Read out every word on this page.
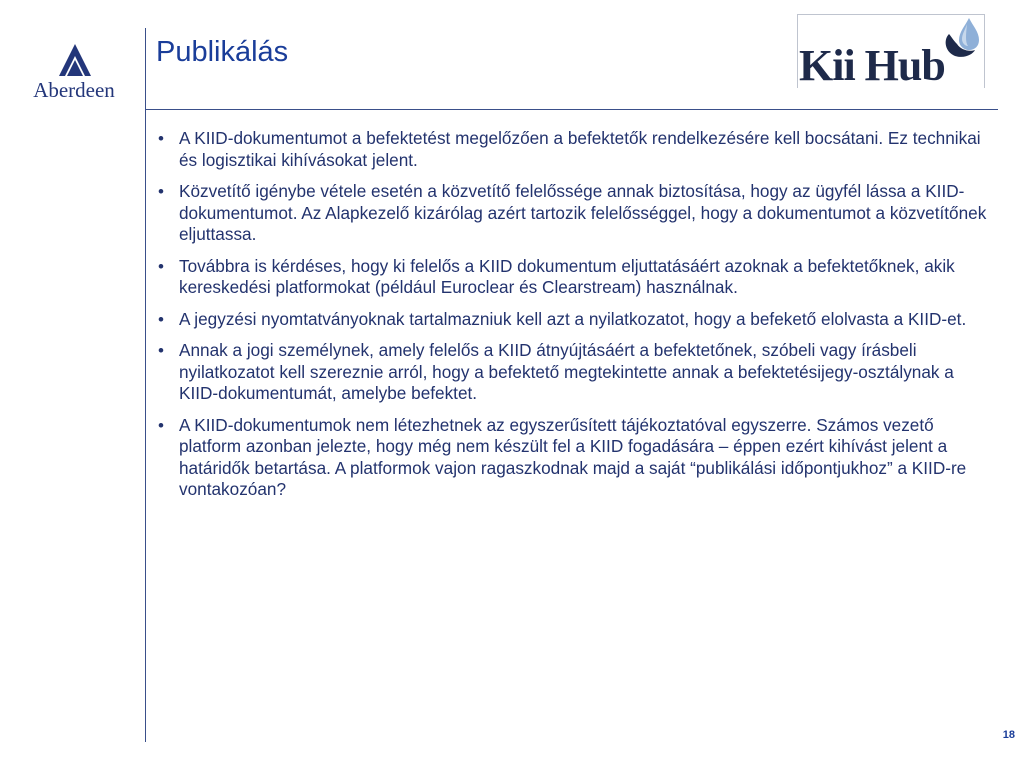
Aberdeen
Publikálás	Kii Hub
• A KIID-dokumentumot a befektetést megelőzően a befektetők rendelkezésére kell bocsátani. Ez technikai és logisztikai kihívásokat jelent.
• Közvetítő igénybe vétele esetén a közvetítő felelőssége annak biztosítása, hogy az ügyfél lássa a KIID-dokumentumot. Az Alapkezelő kizárólag azért tartozik felelősséggel, hogy a dokumentumot a közvetítőnek eljuttassa.
• Továbbra is kérdéses, hogy ki felelős a KIID dokumentum eljuttatásáért azoknak a befektetőknek, akik kereskedési platformokat (például Euroclear és Clearstream) használnak.
• A jegyzési nyomtatványoknak tartalmazniuk kell azt a nyilatkozatot, hogy a befekető elolvasta a KIID-et.
• Annak a jogi személynek, amely felelős a KIID átnyújtásáért a befektetőnek, szóbeli vagy írásbeli nyilatkozatot kell szereznie arról, hogy a befektető megtekintette annak a befektetésijegy-osztálynak a KIID-dokumentumát, amelybe befektet.
• A KIID-dokumentumok nem létezhetnek az egyszerűsített tájékoztatóval egyszerre. Számos vezető platform azonban jelezte, hogy még nem készült fel a KIID fogadására – éppen ezért kihívást jelent a határidők betartása. A platformok vajon ragaszkodnak majd a saját “publikálási időpontjukhoz” a KIID-re vontakozóan?
18
